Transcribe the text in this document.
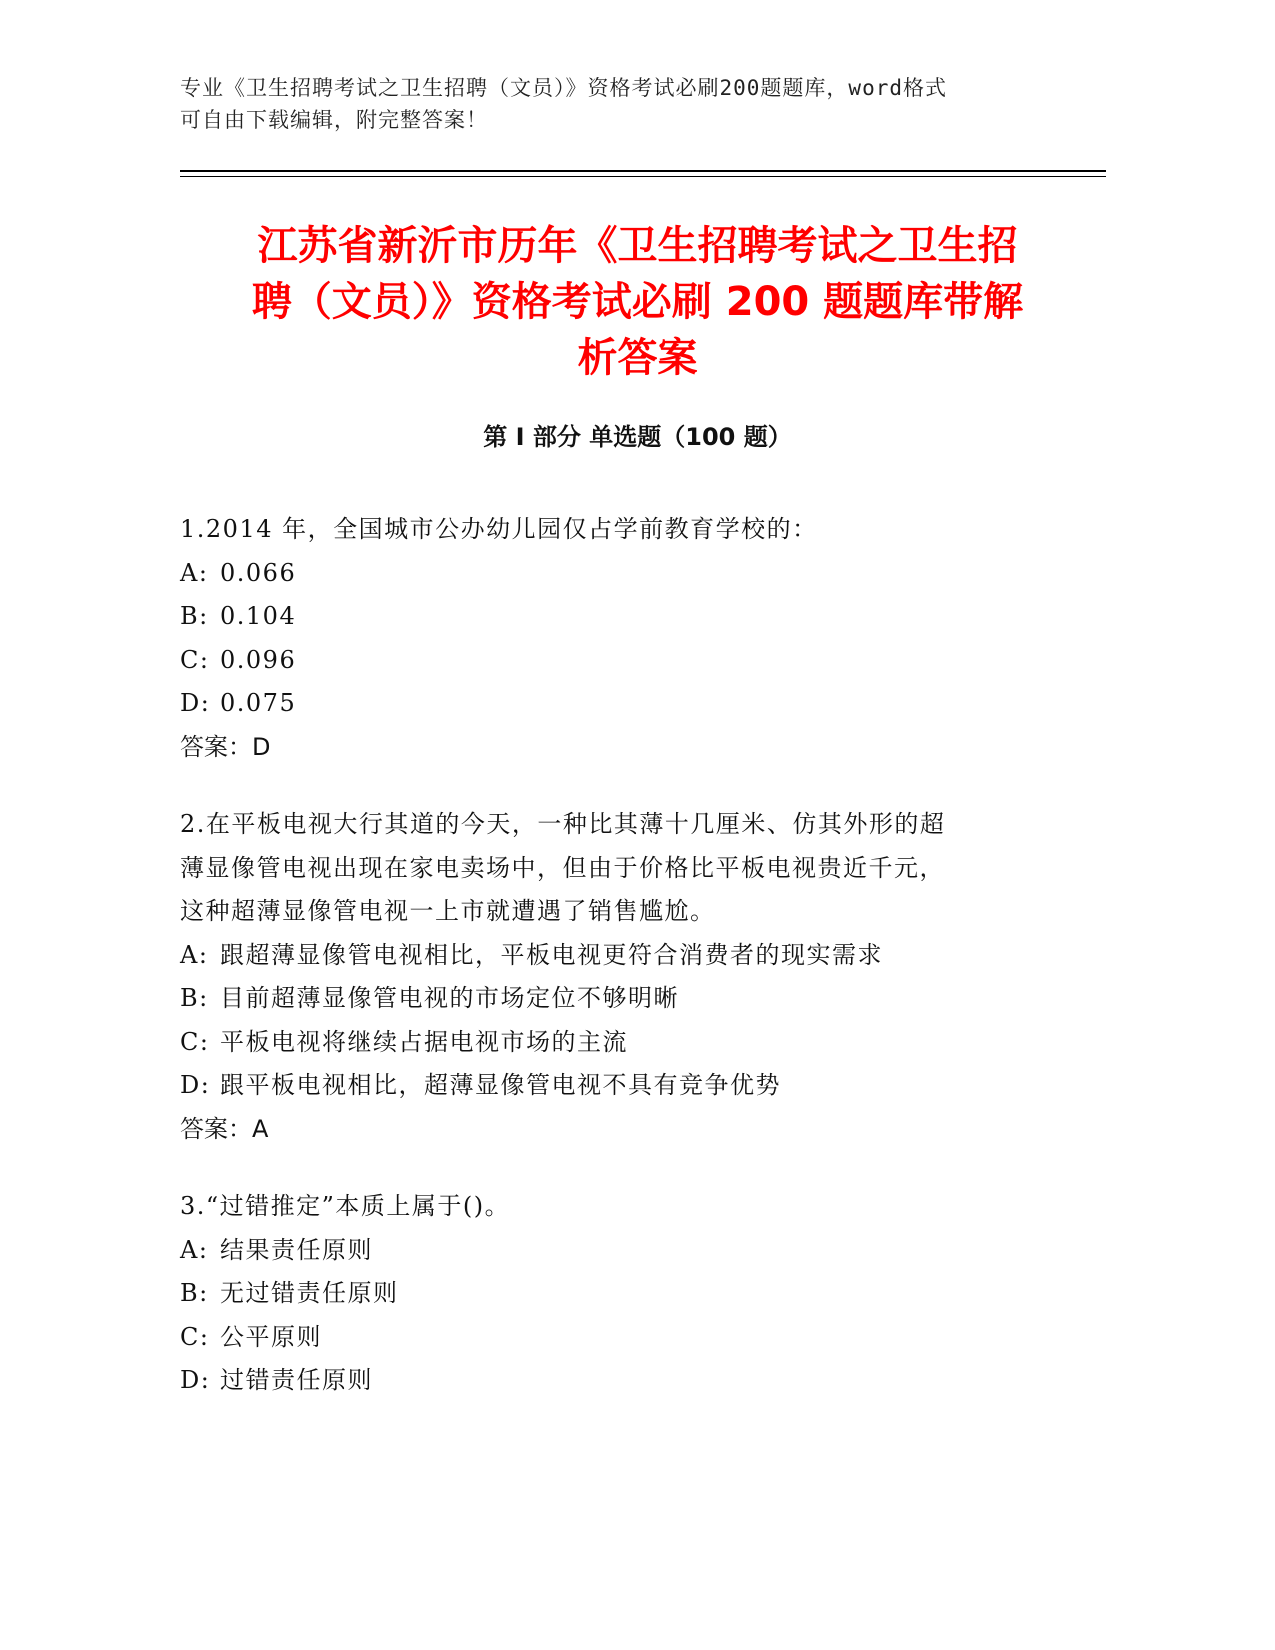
专业《卫生招聘考试之卫生招聘（文员）》资格考试必刷200题题库，word格式
可自由下载编辑，附完整答案！
江苏省新沂市历年《卫生招聘考试之卫生招
聘（文员）》资格考试必刷 200 题题库带解
析答案
第 I 部分 单选题（100 题）

1.2014 年，全国城市公办幼儿园仅占学前教育学校的：

A: 0.066

B: 0.104

C: 0.096

D: 0.075

答案：D

2.在平板电视大行其道的今天，一种比其薄十几厘米、仿其外形的超

薄显像管电视出现在家电卖场中，但由于价格比平板电视贵近千元，

这种超薄显像管电视一上市就遭遇了销售尴尬。

A: 跟超薄显像管电视相比，平板电视更符合消费者的现实需求

B: 目前超薄显像管电视的市场定位不够明晰

C: 平板电视将继续占据电视市场的主流

D: 跟平板电视相比，超薄显像管电视不具有竞争优势

答案：A

3.“过错推定”本质上属于()。

A: 结果责任原则

B: 无过错责任原则

C: 公平原则

D: 过错责任原则
